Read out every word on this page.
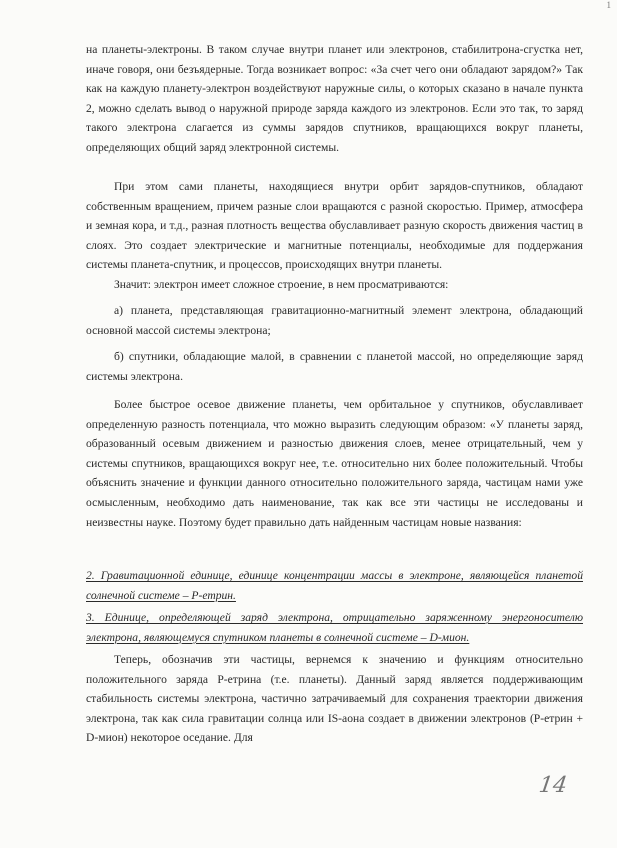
1

на планеты-электроны. В таком случае внутри планет или электронов, стабилитрона-сгустка нет, иначе говоря, они безъядерные. Тогда возникает вопрос: «За счет чего они обладают зарядом?» Так как на каждую планету-электрон воздействуют наружные силы, о которых сказано в начале пункта 2, можно сделать вывод о наружной природе заряда каждого из электронов. Если это так, то заряд такого электрона слагается из суммы зарядов спутников, вращающихся вокруг планеты, определяющих общий заряд электронной системы.

При этом сами планеты, находящиеся внутри орбит зарядов-спутников, обладают собственным вращением, причем разные слои вращаются с разной скоростью. Пример, атмосфера и земная кора, и т.д., разная плотность вещества обуславливает разную скорость движения частиц в слоях. Это создает электрические и магнитные потенциалы, необходимые для поддержания системы планета-спутник, и процессов, происходящих внутри планеты.

Значит: электрон имеет сложное строение, в нем просматриваются:

а) планета, представляющая гравитационно-магнитный элемент электрона, обладающий основной массой системы электрона;

б) спутники, обладающие малой, в сравнении с планетой массой, но определяющие заряд системы электрона.

Более быстрое осевое движение планеты, чем орбитальное у спутников, обуславливает определенную разность потенциала, что можно выразить следующим образом: «У планеты заряд, образованный осевым движением и разностью движения слоев, менее отрицательный, чем у системы спутников, вращающихся вокруг нее, т.е. относительно них более положительный. Чтобы объяснить значение и функции данного относительно положительного заряда, частицам нами уже осмысленным, необходимо дать наименование, так как все эти частицы не исследованы и неизвестны науке. Поэтому будет правильно дать найденным частицам новые названия:

2. Гравитационной единице, единице концентрации массы в электроне, являющейся планетой солнечной системе – P-етрин.

3. Единице, определяющей заряд электрона, отрицательно заряженному энергоносителю электрона, являющемуся спутником планеты в солнечной системе – D-мион.

Теперь, обозначив эти частицы, вернемся к значению и функциям относительно положительного заряда P-етрина (т.е. планеты). Данный заряд является поддерживающим стабильность системы электрона, частично затрачиваемый для сохранения траектории движения электрона, так как сила гравитации солнца или IS-аона создает в движении электронов (P-етрин + D-мион) некоторое оседание. Для

14
